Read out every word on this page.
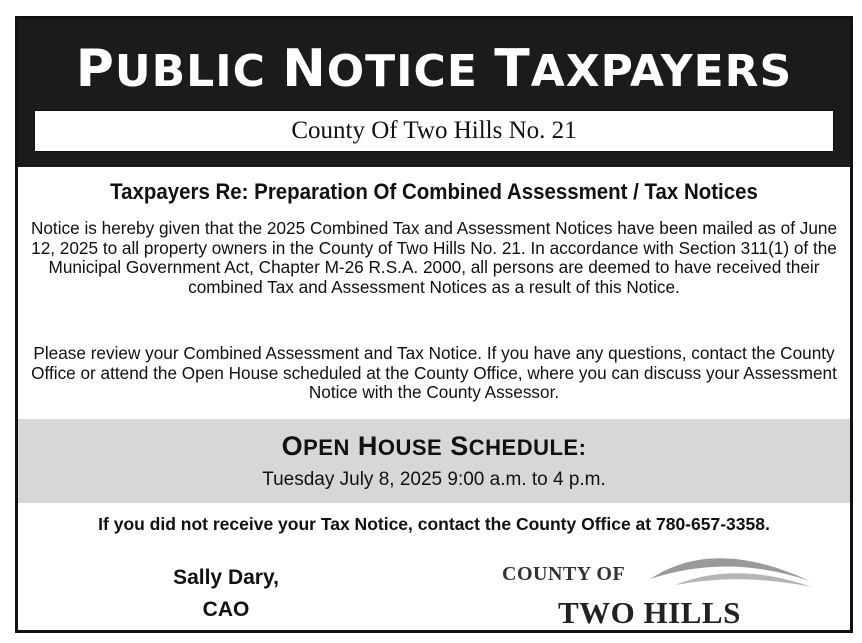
PUBLIC NOTICE TAXPAYERS
County Of Two Hills No. 21
Taxpayers Re: Preparation Of Combined Assessment / Tax Notices
Notice is hereby given that the 2025 Combined Tax and Assessment Notices have been mailed as of June 12, 2025 to all property owners in the County of Two Hills No. 21. In accordance with Section 311(1) of the Municipal Government Act, Chapter M-26 R.S.A. 2000, all persons are deemed to have received their combined Tax and Assessment Notices as a result of this Notice.
Please review your Combined Assessment and Tax Notice. If you have any questions, contact the County Office or attend the Open House scheduled at the County Office, where you can discuss your Assessment Notice with the County Assessor.
OPEN HOUSE SCHEDULE:
Tuesday July 8, 2025 9:00 a.m. to 4 p.m.
If you did not receive your Tax Notice, contact the County Office at 780-657-3358.
Sally Dary,
CAO
COUNTY OF
TWO HILLS
